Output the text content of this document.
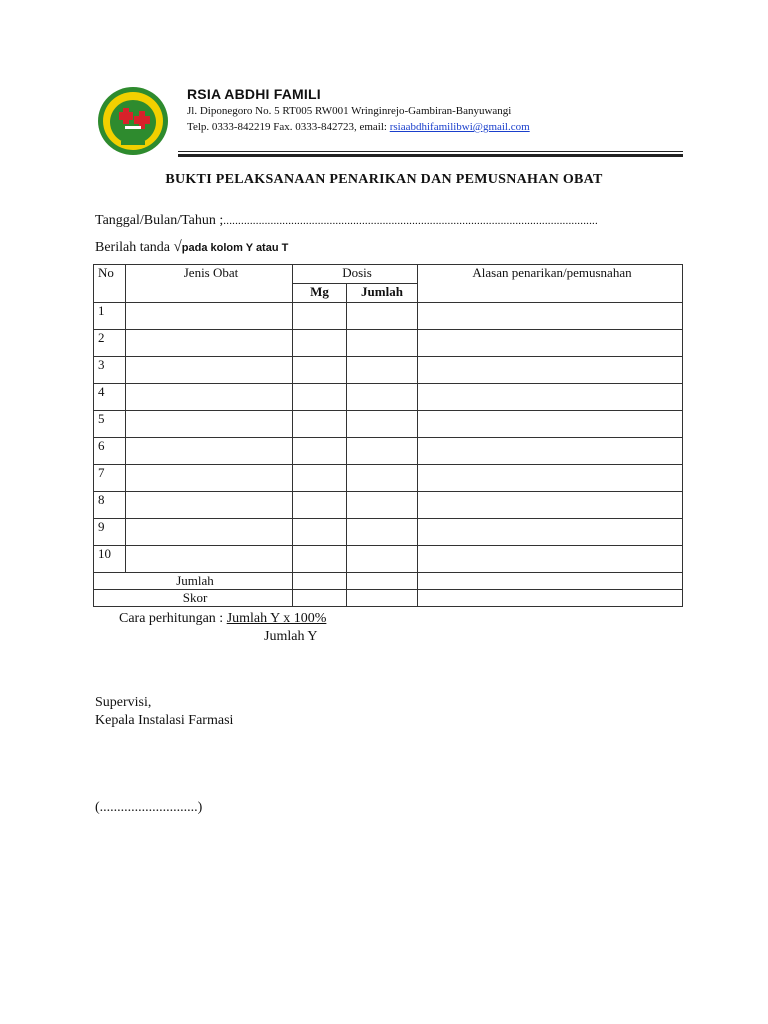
RSIA ABDHI FAMILI
Jl. Diponegoro No. 5 RT005 RW001 Wringinrejo-Gambiran-Banyuwangi
Telp. 0333-842219 Fax. 0333-842723, email: rsiaabdhifamilibwi@gmail.com
BUKTI PELAKSANAAN PENARIKAN DAN PEMUSNAHAN OBAT
Tanggal/Bulan/Tahun ;...............................................................................................................................
Berilah tanda √pada kolom Y atau T
No	Jenis Obat	Dosis		Alasan penarikan/pemusnahan
		Mg	Jumlah	
1				
2				
3				
4				
5				
6				
7				
8				
9				
10				
Jumlah				
Skor				
Cara perhitungan : Jumlah Y x 100%
Jumlah Y
Supervisi,
Kepala Instalasi Farmasi
(............................)
